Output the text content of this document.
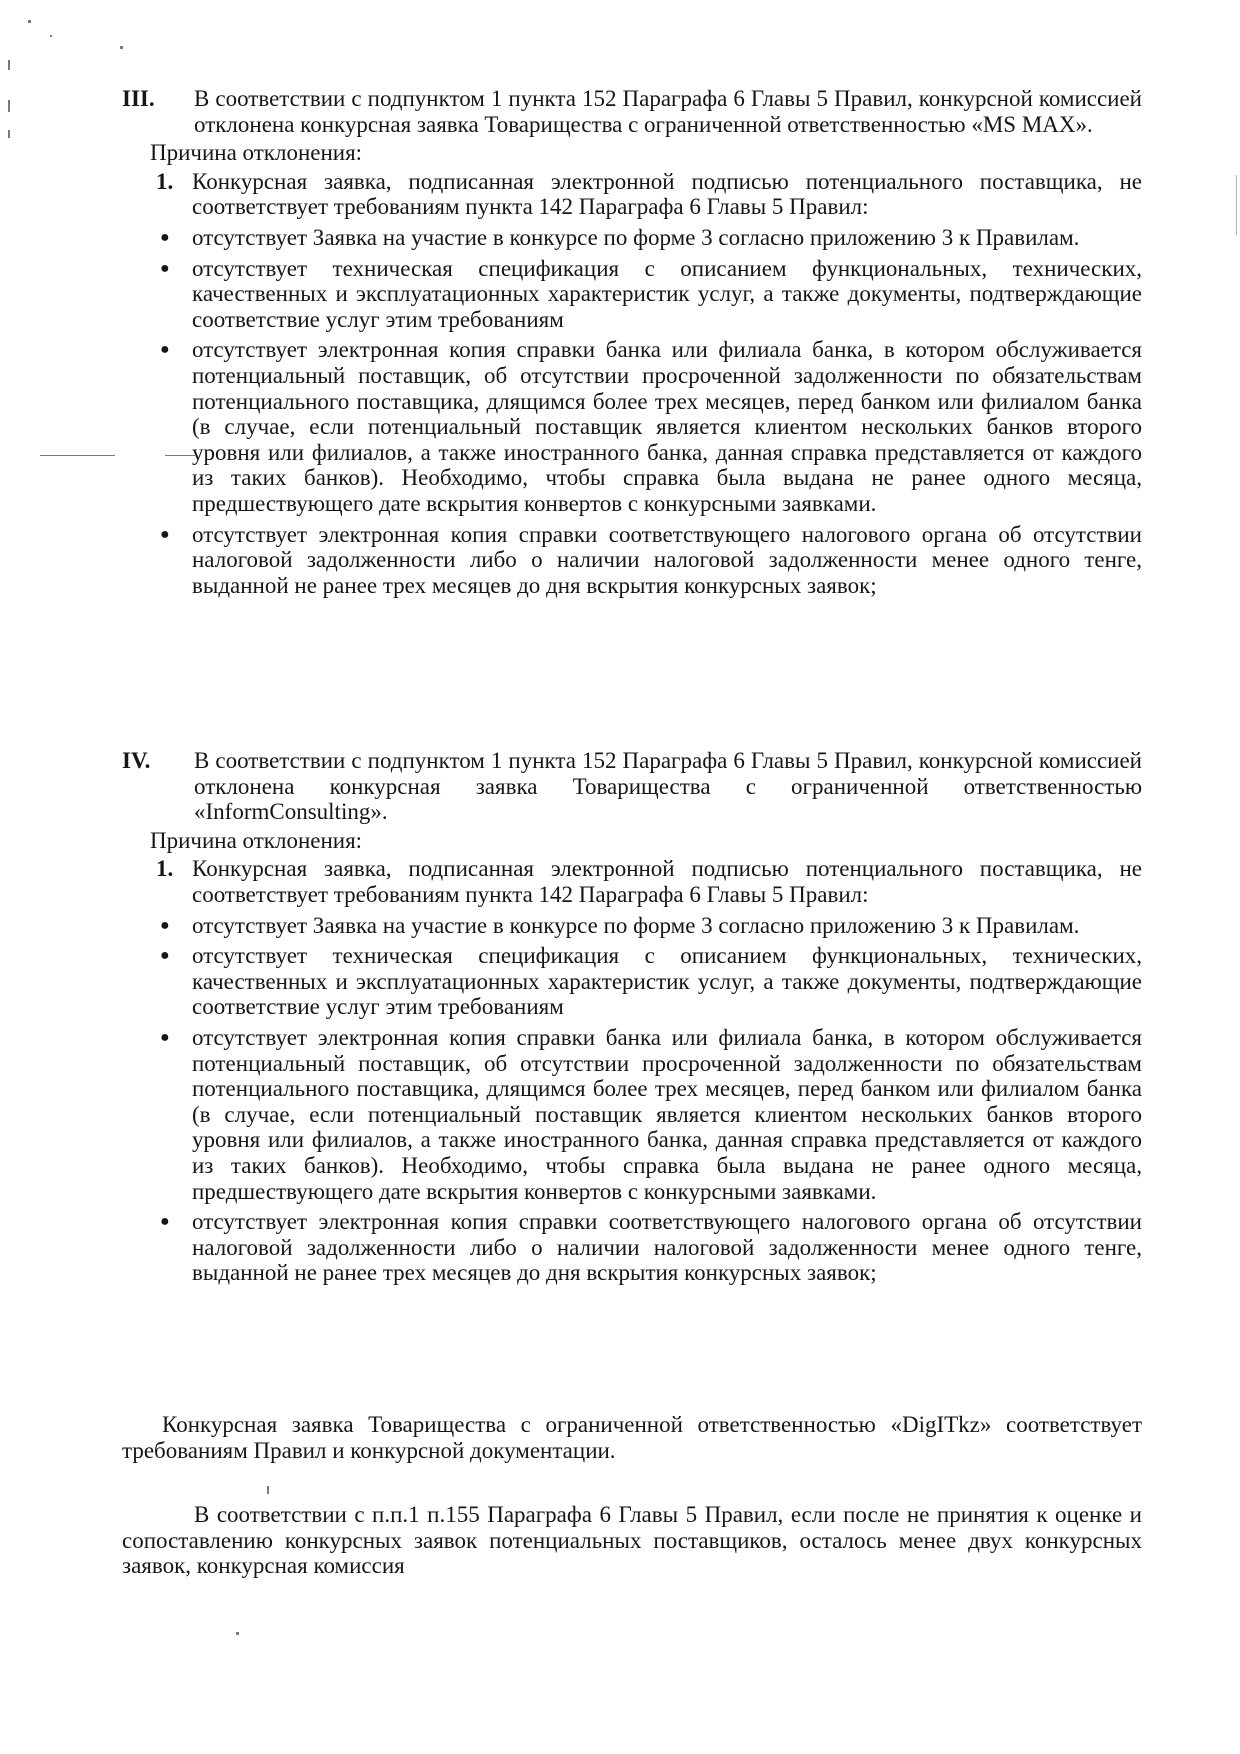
III.	В соответствии с подпунктом 1 пункта 152 Параграфа 6 Главы 5 Правил, конкурсной комиссией отклонена конкурсная заявка Товарищества с ограниченной ответственностью «MS MAX».
Причина отклонения:
1. Конкурсная заявка, подписанная электронной подписью потенциального поставщика, не соответствует требованиям пункта 142 Параграфа 6 Главы 5 Правил:
● отсутствует Заявка на участие в конкурсе по форме 3 согласно приложению 3 к Правилам.
● отсутствует техническая спецификация с описанием функциональных, технических, качественных и эксплуатационных характеристик услуг, а также документы, подтверждающие соответствие услуг этим требованиям
● отсутствует электронная копия справки банка или филиала банка, в котором обслуживается потенциальный поставщик, об отсутствии просроченной задолженности по обязательствам потенциального поставщика, длящимся более трех месяцев, перед банком или филиалом банка (в случае, если потенциальный поставщик является клиентом нескольких банков второго уровня или филиалов, а также иностранного банка, данная справка представляется от каждого из таких банков). Необходимо, чтобы справка была выдана не ранее одного месяца, предшествующего дате вскрытия конвертов с конкурсными заявками.
● отсутствует электронная копия справки соответствующего налогового органа об отсутствии налоговой задолженности либо о наличии налоговой задолженности менее одного тенге, выданной не ранее трех месяцев до дня вскрытия конкурсных заявок;
IV.	В соответствии с подпунктом 1 пункта 152 Параграфа 6 Главы 5 Правил, конкурсной комиссией отклонена конкурсная заявка Товарищества с ограниченной ответственностью «InformConsulting».
Причина отклонения:
1. Конкурсная заявка, подписанная электронной подписью потенциального поставщика, не соответствует требованиям пункта 142 Параграфа 6 Главы 5 Правил:
● отсутствует Заявка на участие в конкурсе по форме 3 согласно приложению 3 к Правилам.
● отсутствует техническая спецификация с описанием функциональных, технических, качественных и эксплуатационных характеристик услуг, а также документы, подтверждающие соответствие услуг этим требованиям
● отсутствует электронная копия справки банка или филиала банка, в котором обслуживается потенциальный поставщик, об отсутствии просроченной задолженности по обязательствам потенциального поставщика, длящимся более трех месяцев, перед банком или филиалом банка (в случае, если потенциальный поставщик является клиентом нескольких банков второго уровня или филиалов, а также иностранного банка, данная справка представляется от каждого из таких банков). Необходимо, чтобы справка была выдана не ранее одного месяца, предшествующего дате вскрытия конвертов с конкурсными заявками.
● отсутствует электронная копия справки соответствующего налогового органа об отсутствии налоговой задолженности либо о наличии налоговой задолженности менее одного тенге, выданной не ранее трех месяцев до дня вскрытия конкурсных заявок;
Конкурсная заявка Товарищества с ограниченной ответственностью «DigITkz» соответствует требованиям Правил и конкурсной документации.
В соответствии с п.п.1 п.155 Параграфа 6 Главы 5 Правил, если после не принятия к оценке и сопоставлению конкурсных заявок потенциальных поставщиков, осталось менее двух конкурсных заявок, конкурсная комиссия
